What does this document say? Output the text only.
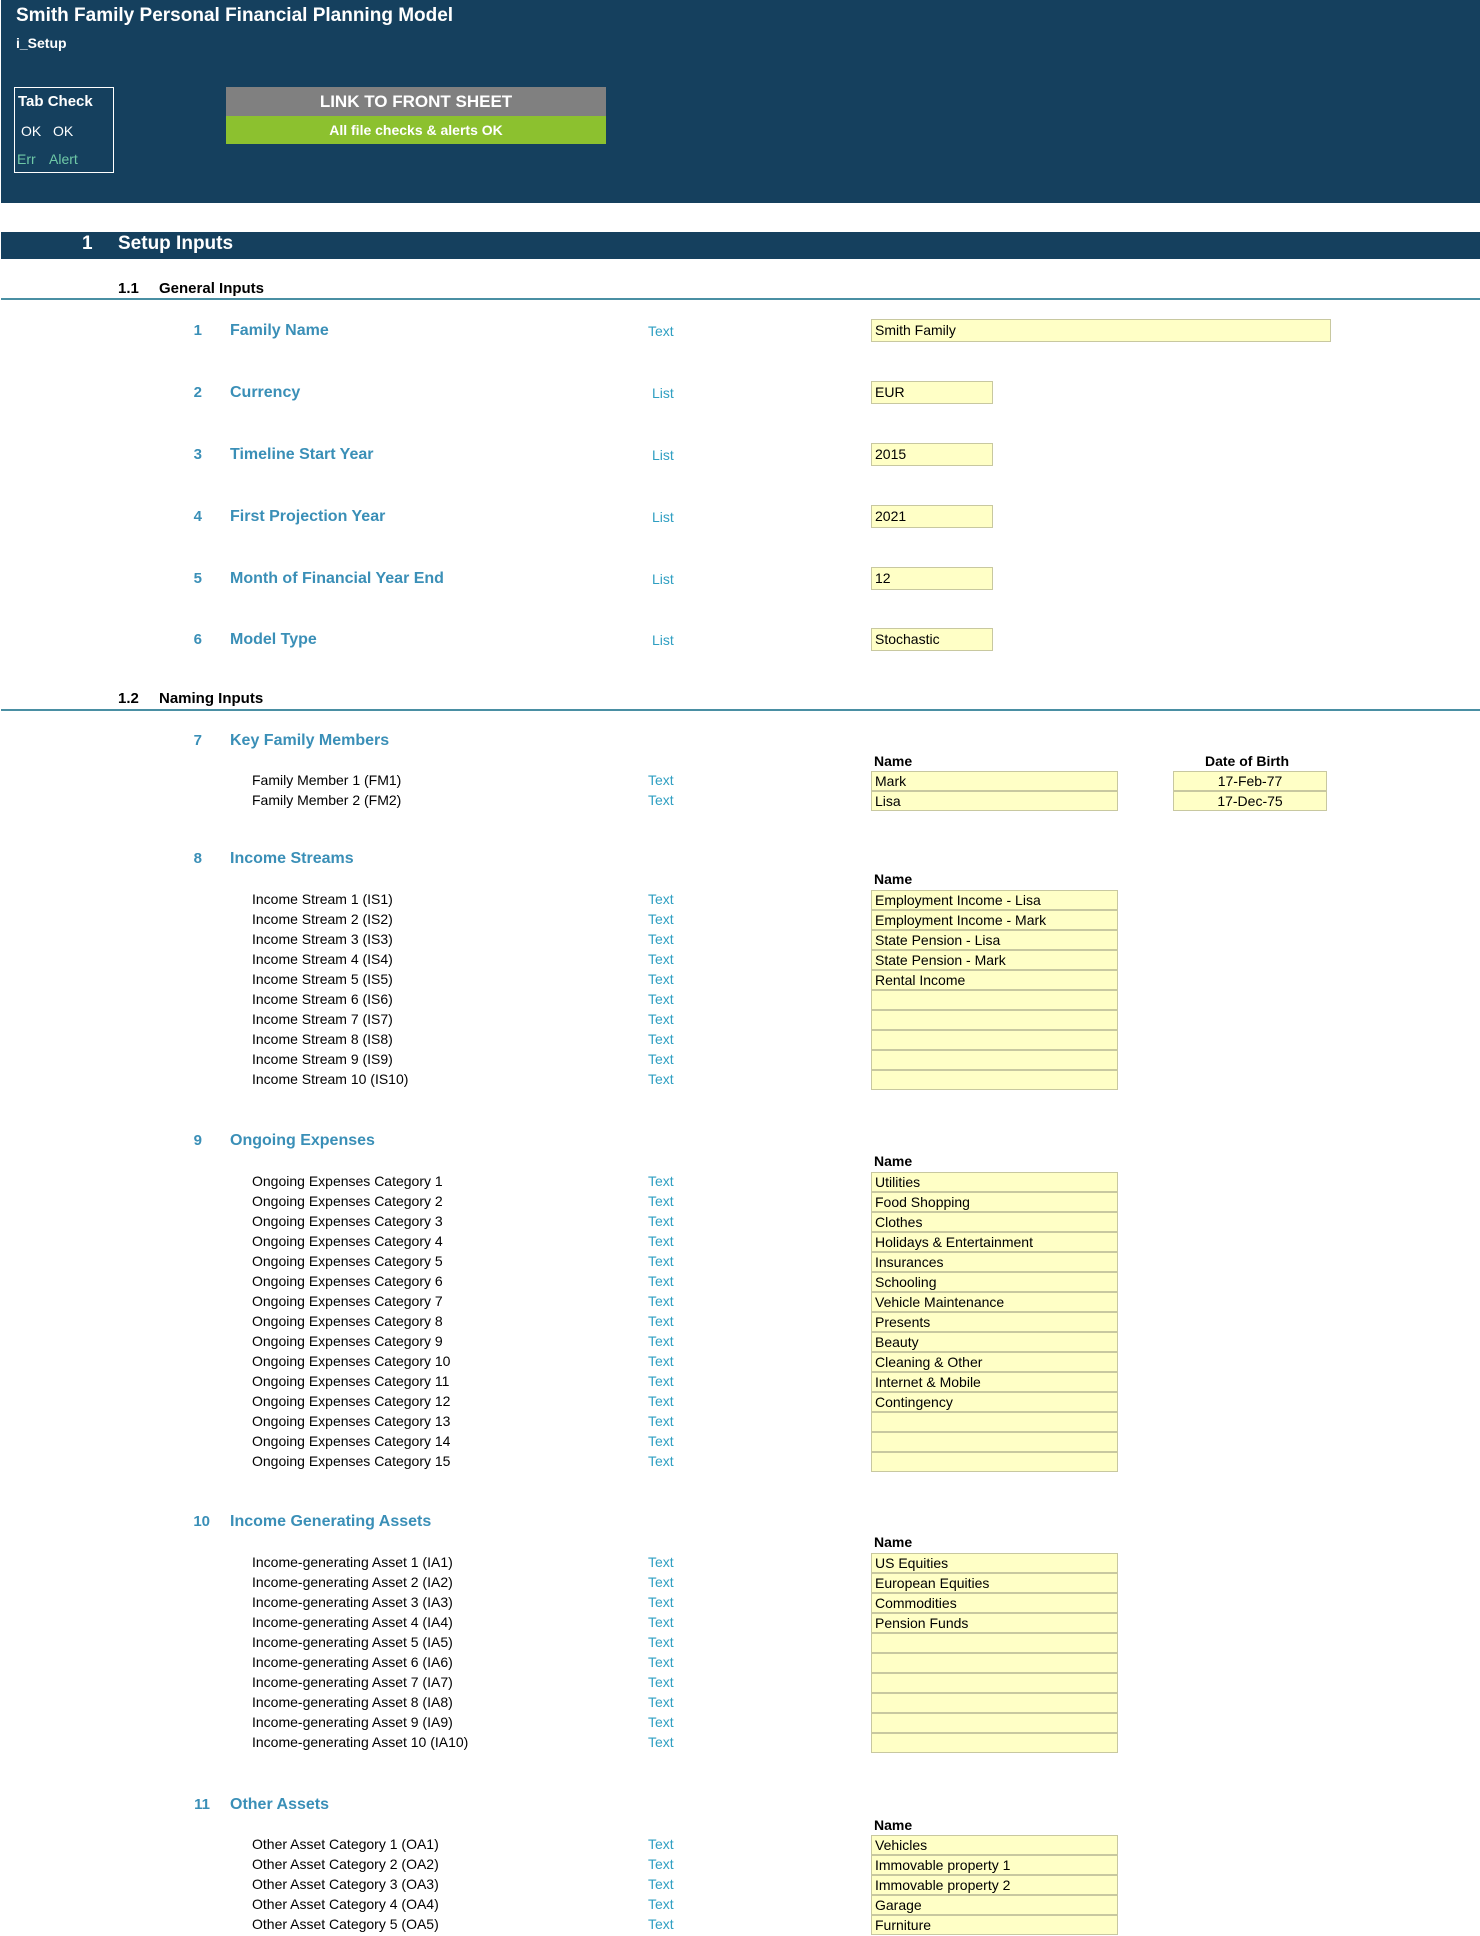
Smith Family Personal Financial Planning Model
i_Setup
Tab Check
OK OK
Err Alert
LINK TO FRONT SHEET
All file checks & alerts OK
1 Setup Inputs
1.1 General Inputs
1 Family Name	Text	Smith Family
2 Currency	List	EUR
3 Timeline Start Year	List	2015
4 First Projection Year	List	2021
5 Month of Financial Year End	List	12
6 Model Type	List	Stochastic
1.2 Naming Inputs
7 Key Family Members
Name	Date of Birth
Family Member 1 (FM1)	Text	Mark	17-Feb-77
Family Member 2 (FM2)	Text	Lisa	17-Dec-75
8 Income Streams
Name
Income Stream 1 (IS1)	Text	Employment Income - Lisa
Income Stream 2 (IS2)	Text	Employment Income - Mark
Income Stream 3 (IS3)	Text	State Pension - Lisa
Income Stream 4 (IS4)	Text	State Pension - Mark
Income Stream 5 (IS5)	Text	Rental Income
Income Stream 6 (IS6)	Text
Income Stream 7 (IS7)	Text
Income Stream 8 (IS8)	Text
Income Stream 9 (IS9)	Text
Income Stream 10 (IS10)	Text
9 Ongoing Expenses
Name
Ongoing Expenses Category 1	Text	Utilities
Ongoing Expenses Category 2	Text	Food Shopping
Ongoing Expenses Category 3	Text	Clothes
Ongoing Expenses Category 4	Text	Holidays & Entertainment
Ongoing Expenses Category 5	Text	Insurances
Ongoing Expenses Category 6	Text	Schooling
Ongoing Expenses Category 7	Text	Vehicle Maintenance
Ongoing Expenses Category 8	Text	Presents
Ongoing Expenses Category 9	Text	Beauty
Ongoing Expenses Category 10	Text	Cleaning & Other
Ongoing Expenses Category 11	Text	Internet & Mobile
Ongoing Expenses Category 12	Text	Contingency
Ongoing Expenses Category 13	Text
Ongoing Expenses Category 14	Text
Ongoing Expenses Category 15	Text
10 Income Generating Assets
Name
Income-generating Asset 1 (IA1)	Text	US Equities
Income-generating Asset 2 (IA2)	Text	European Equities
Income-generating Asset 3 (IA3)	Text	Commodities
Income-generating Asset 4 (IA4)	Text	Pension Funds
Income-generating Asset 5 (IA5)	Text
Income-generating Asset 6 (IA6)	Text
Income-generating Asset 7 (IA7)	Text
Income-generating Asset 8 (IA8)	Text
Income-generating Asset 9 (IA9)	Text
Income-generating Asset 10 (IA10)	Text
11 Other Assets
Name
Other Asset Category 1 (OA1)	Text	Vehicles
Other Asset Category 2 (OA2)	Text	Immovable property 1
Other Asset Category 3 (OA3)	Text	Immovable property 2
Other Asset Category 4 (OA4)	Text	Garage
Other Asset Category 5 (OA5)	Text	Furniture
